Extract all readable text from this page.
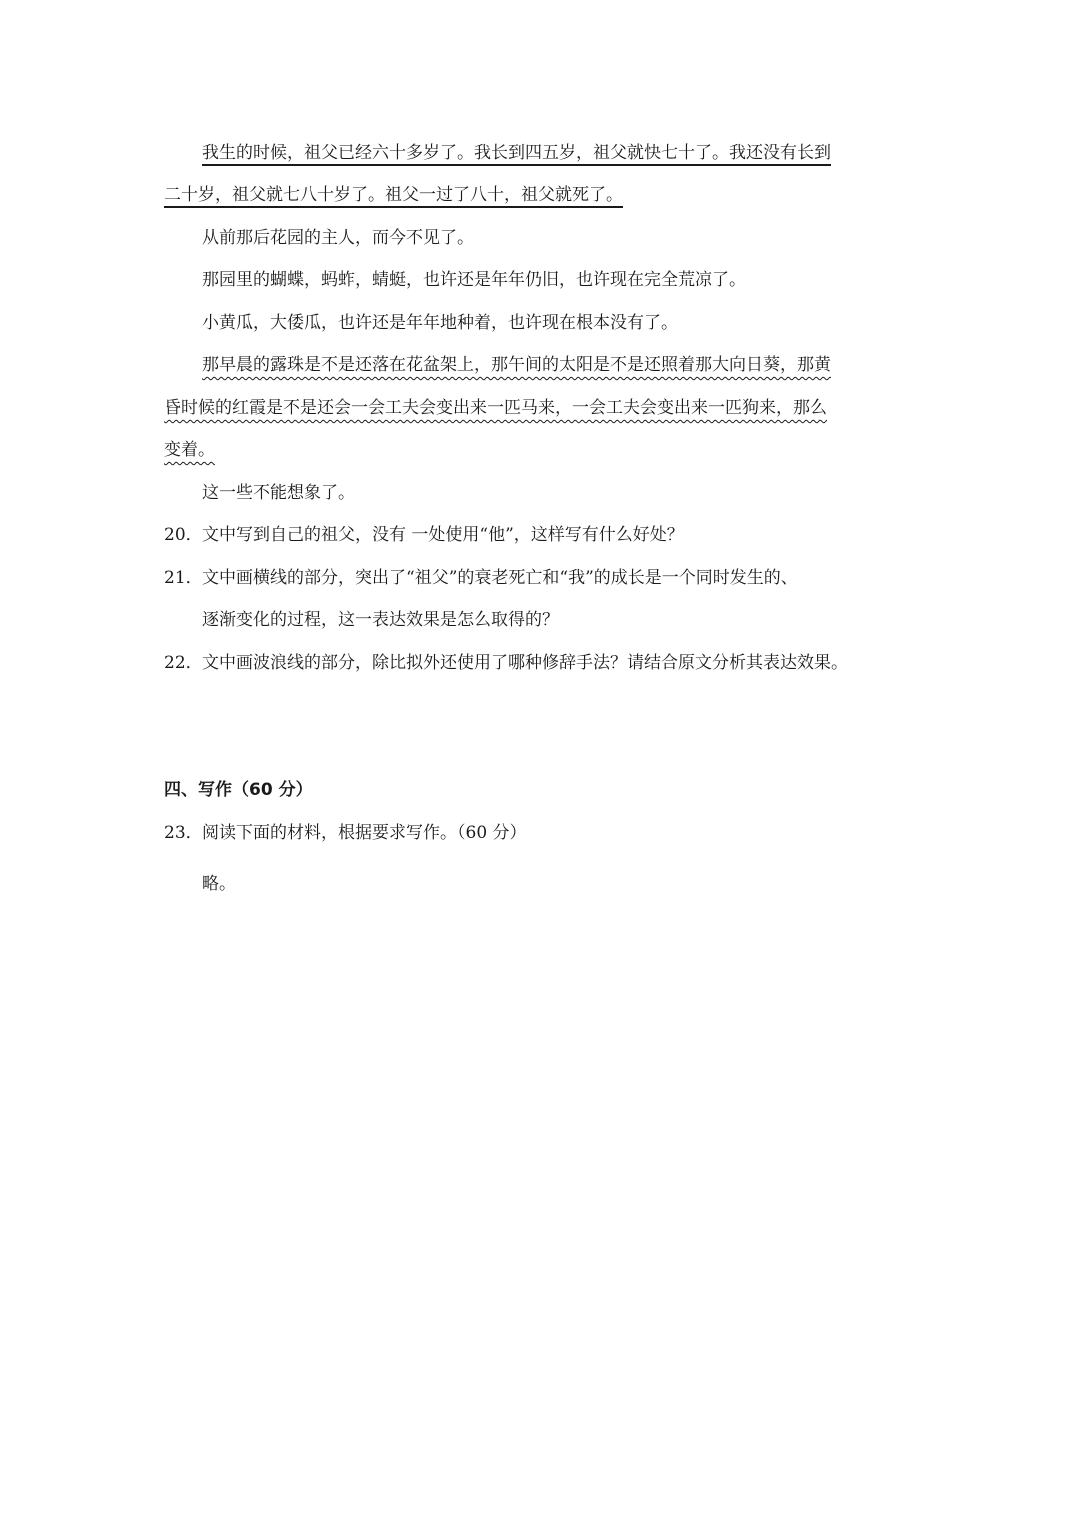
我生的时候，祖父已经六十多岁了。我长到四五岁，祖父就快七十了。我还没有长到
二十岁，祖父就七八十岁了。祖父一过了八十，祖父就死了。
从前那后花园的主人，而今不见了。
那园里的蝴蝶，蚂蚱，蜻蜓，也许还是年年仍旧，也许现在完全荒凉了。
小黄瓜，大倭瓜，也许还是年年地种着，也许现在根本没有了。
那早晨的露珠是不是还落在花盆架上，那午间的太阳是不是还照着那大向日葵，那黄
昏时候的红霞是不是还会一会工夫会变出来一匹马来，一会工夫会变出来一匹狗来，那么
变着。
这一些不能想象了。
20．文中写到自己的祖父，没有 一处使用“他”，这样写有什么好处？
21．文中画横线的部分，突出了“祖父”的衰老死亡和“我”的成长是一个同时发生的、
逐渐变化的过程，这一表达效果是怎么取得的？
22．文中画波浪线的部分，除比拟外还使用了哪种修辞手法？请结合原文分析其表达效果。
四、写作（60 分）
23．阅读下面的材料，根据要求写作。（60 分）
略。
